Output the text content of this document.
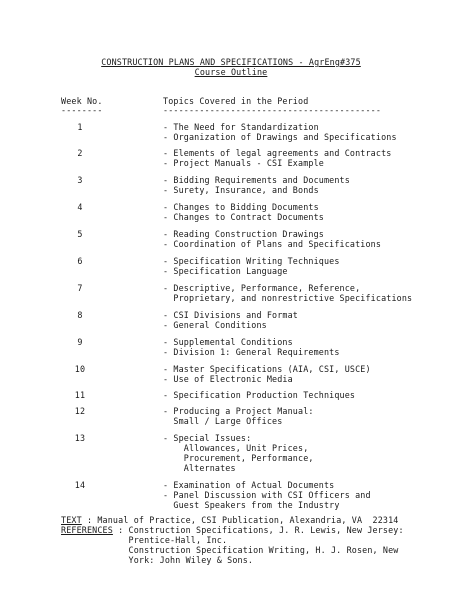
CONSTRUCTION PLANS AND SPECIFICATIONS - AgrEng#375
Course Outline
Week No.	Topics Covered in the Period
--------	------------------------------------------
1	- The Need for Standardization
- Organization of Drawings and Specifications
2	- Elements of legal agreements and Contracts
- Project Manuals - CSI Example
3	- Bidding Requirements and Documents
- Surety, Insurance, and Bonds
4	- Changes to Bidding Documents
- Changes to Contract Documents
5	- Reading Construction Drawings
- Coordination of Plans and Specifications
6	- Specification Writing Techniques
- Specification Language
7	- Descriptive, Performance, Reference,
Proprietary, and nonrestrictive Specifications
8	- CSI Divisions and Format
- General Conditions
9	- Supplemental Conditions
- Division 1: General Requirements
10	- Master Specifications (AIA, CSI, USCE)
- Use of Electronic Media
11	- Specification Production Techniques
12	- Producing a Project Manual:
Small / Large Offices
13	- Special Issues:
Allowances, Unit Prices,
Procurement, Performance,
Alternates
14	- Examination of Actual Documents
- Panel Discussion with CSI Officers and
Guest Speakers from the Industry
TEXT : Manual of Practice, CSI Publication, Alexandria, VA  22314
REFERENCES : Construction Specifications, J. R. Lewis, New Jersey:
Prentice-Hall, Inc.
Construction Specification Writing, H. J. Rosen, New
York: John Wiley & Sons.
